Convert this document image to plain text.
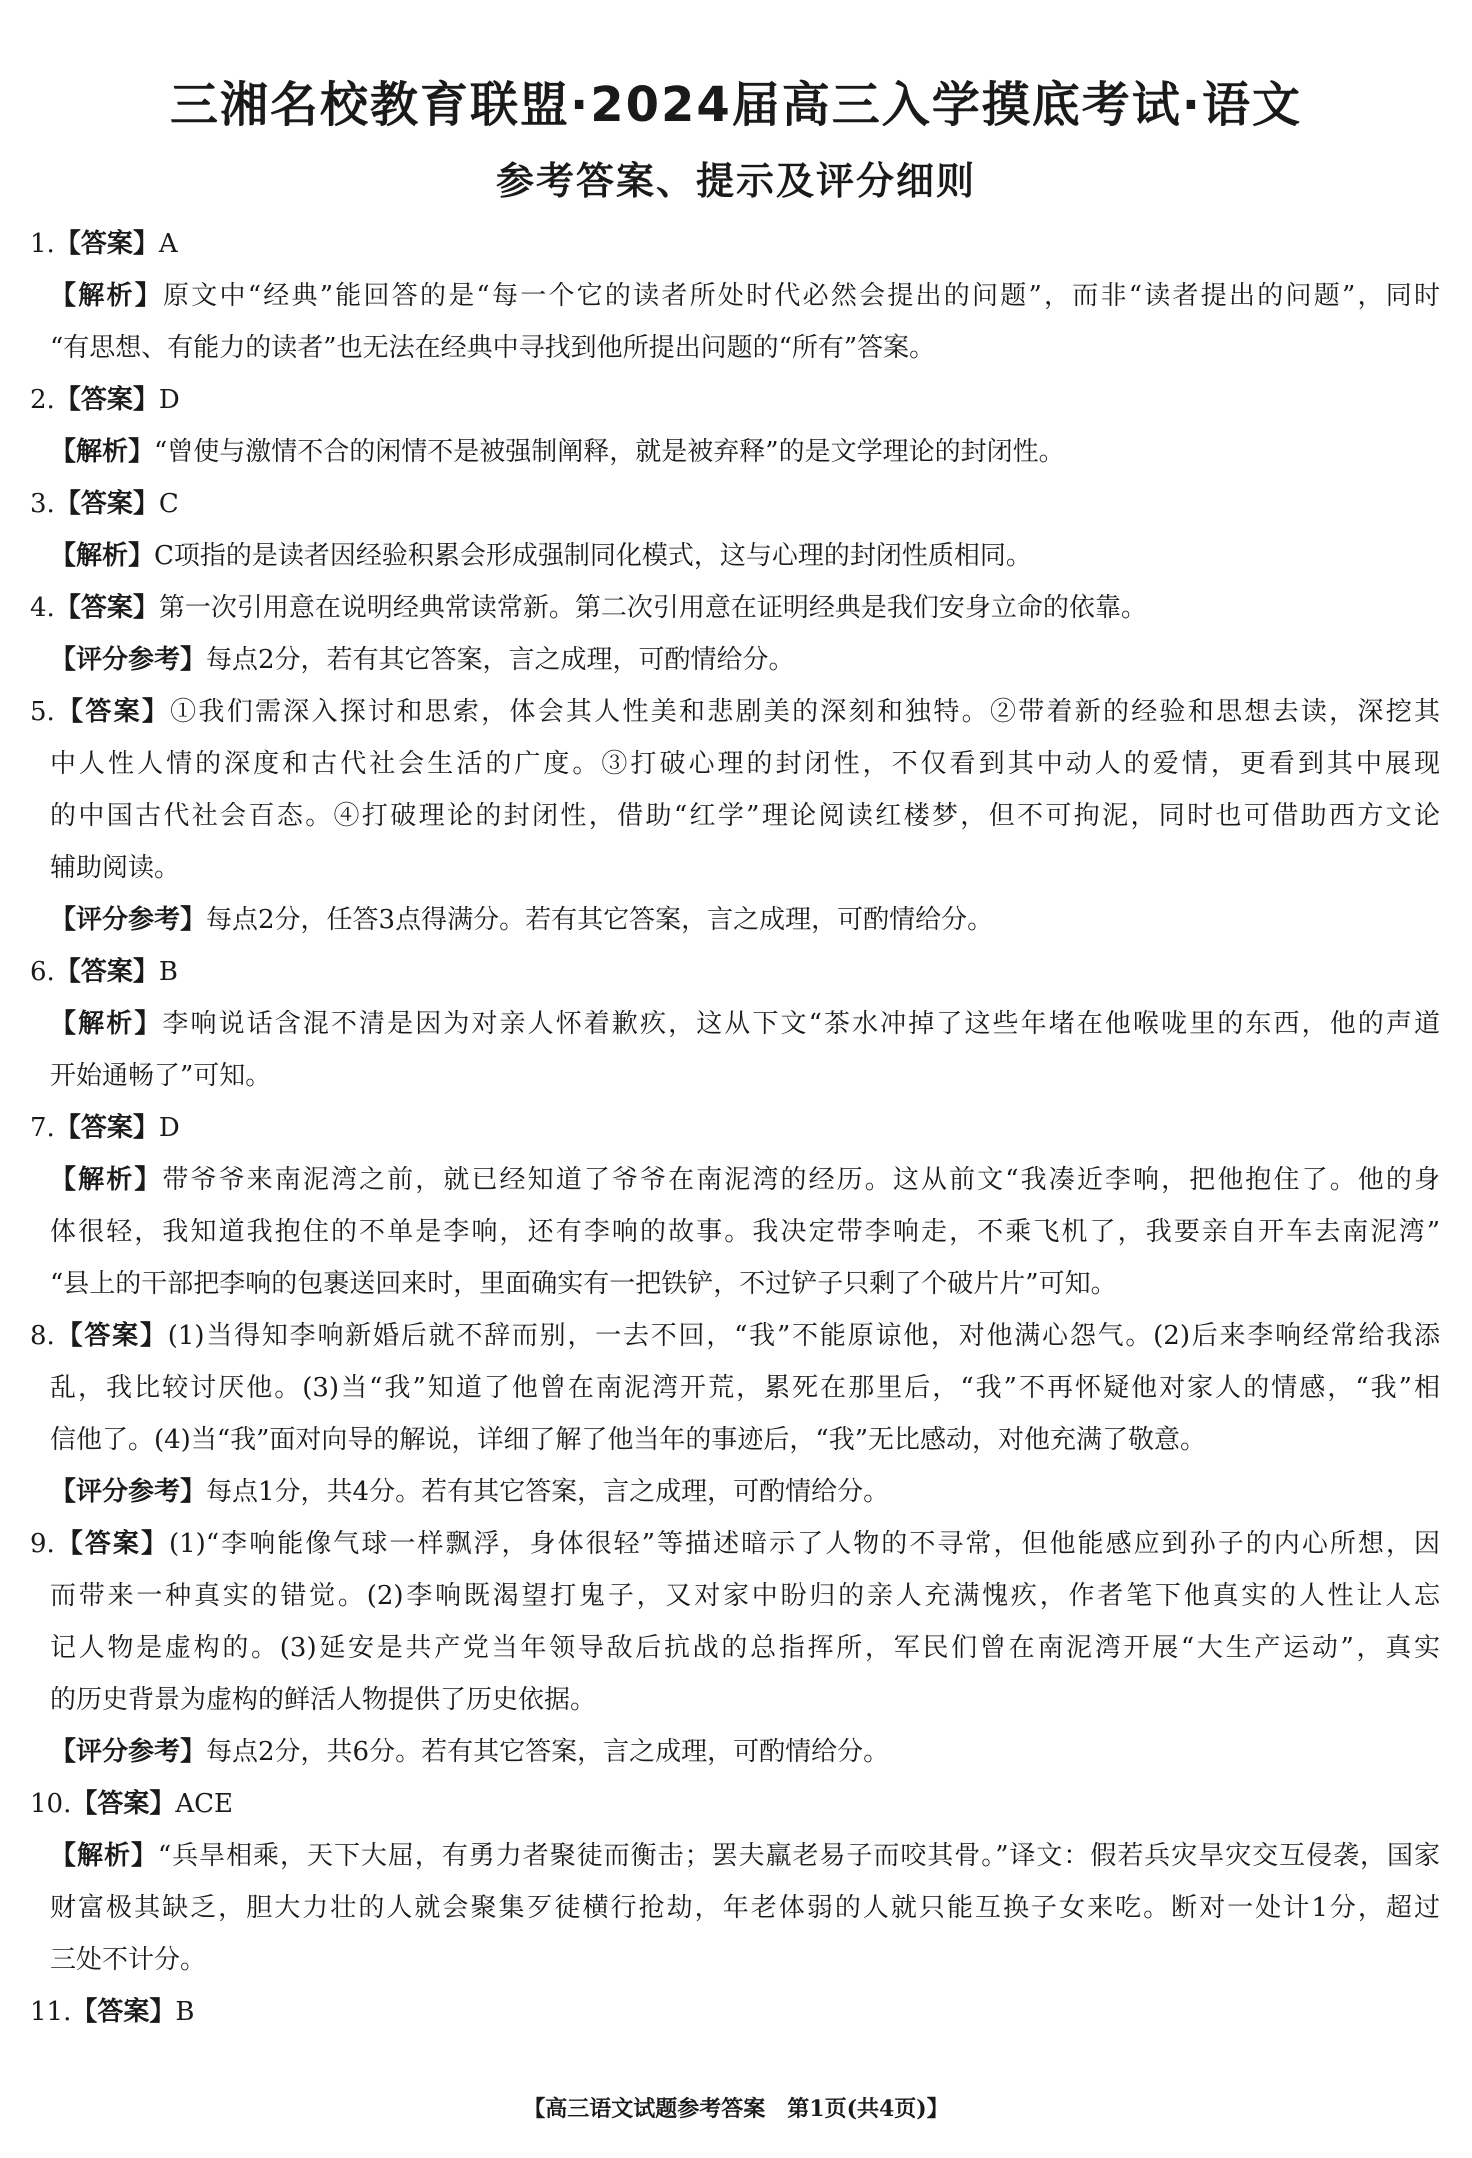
三湘名校教育联盟·2024届高三入学摸底考试·语文
参考答案、提示及评分细则
1.【答案】A
【解析】原文中“经典”能回答的是“每一个它的读者所处时代必然会提出的问题”，而非“读者提出的问题”，同时
“有思想、有能力的读者”也无法在经典中寻找到他所提出问题的“所有”答案。
2.【答案】D
【解析】“曾使与激情不合的闲情不是被强制阐释，就是被弃释”的是文学理论的封闭性。
3.【答案】C
【解析】C项指的是读者因经验积累会形成强制同化模式，这与心理的封闭性质相同。
4.【答案】第一次引用意在说明经典常读常新。第二次引用意在证明经典是我们安身立命的依靠。
【评分参考】每点2分，若有其它答案，言之成理，可酌情给分。
5.【答案】①我们需深入探讨和思索，体会其人性美和悲剧美的深刻和独特。②带着新的经验和思想去读，深挖其
中人性人情的深度和古代社会生活的广度。③打破心理的封闭性，不仅看到其中动人的爱情，更看到其中展现
的中国古代社会百态。④打破理论的封闭性，借助“红学”理论阅读红楼梦，但不可拘泥，同时也可借助西方文论
辅助阅读。
【评分参考】每点2分，任答3点得满分。若有其它答案，言之成理，可酌情给分。
6.【答案】B
【解析】李响说话含混不清是因为对亲人怀着歉疚，这从下文“茶水冲掉了这些年堵在他喉咙里的东西，他的声道
开始通畅了”可知。
7.【答案】D
【解析】带爷爷来南泥湾之前，就已经知道了爷爷在南泥湾的经历。这从前文“我凑近李响，把他抱住了。他的身
体很轻，我知道我抱住的不单是李响，还有李响的故事。我决定带李响走，不乘飞机了，我要亲自开车去南泥湾”
“县上的干部把李响的包裹送回来时，里面确实有一把铁铲，不过铲子只剩了个破片片”可知。
8.【答案】(1)当得知李响新婚后就不辞而别，一去不回，“我”不能原谅他，对他满心怨气。(2)后来李响经常给我添
乱，我比较讨厌他。(3)当“我”知道了他曾在南泥湾开荒，累死在那里后，“我”不再怀疑他对家人的情感，“我”相
信他了。(4)当“我”面对向导的解说，详细了解了他当年的事迹后，“我”无比感动，对他充满了敬意。
【评分参考】每点1分，共4分。若有其它答案，言之成理，可酌情给分。
9.【答案】(1)“李响能像气球一样飘浮，身体很轻”等描述暗示了人物的不寻常，但他能感应到孙子的内心所想，因
而带来一种真实的错觉。(2)李响既渴望打鬼子，又对家中盼归的亲人充满愧疚，作者笔下他真实的人性让人忘
记人物是虚构的。(3)延安是共产党当年领导敌后抗战的总指挥所，军民们曾在南泥湾开展“大生产运动”，真实
的历史背景为虚构的鲜活人物提供了历史依据。
【评分参考】每点2分，共6分。若有其它答案，言之成理，可酌情给分。
10.【答案】ACE
【解析】“兵旱相乘，天下大屈，有勇力者聚徒而衡击；罢夫羸老易子而咬其骨。”译文：假若兵灾旱灾交互侵袭，国家
财富极其缺乏，胆大力壮的人就会聚集歹徒横行抢劫，年老体弱的人就只能互换子女来吃。断对一处计1分，超过
三处不计分。
11.【答案】B
【高三语文试题参考答案　第1页(共4页)】
